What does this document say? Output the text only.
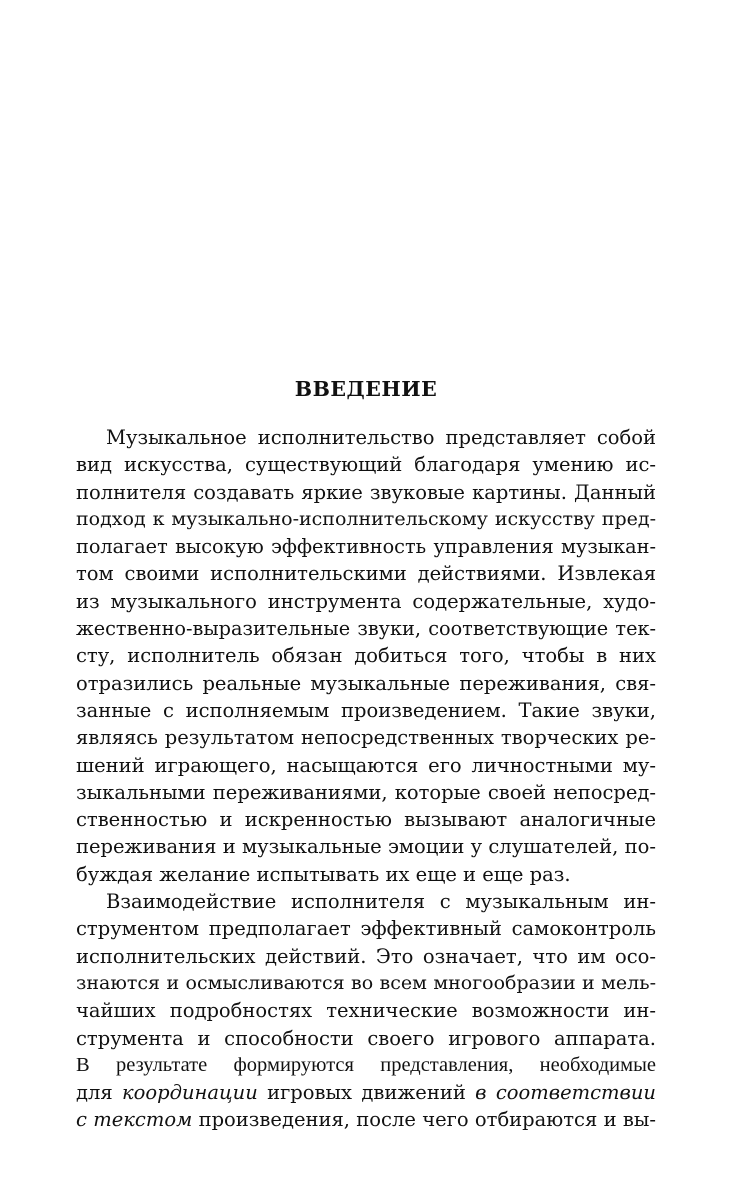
ВВЕДЕНИЕ
Музыкальное исполнительство представляет собой
вид искусства, существующий благодаря умению ис-
полнителя создавать яркие звуковые картины. Данный
подход к музыкально-исполнительскому искусству пред-
полагает высокую эффективность управления музыкан-
том своими исполнительскими действиями. Извлекая
из музыкального инструмента содержательные, худо-
жественно-выразительные звуки, соответствующие тек-
сту, исполнитель обязан добиться того, чтобы в них
отразились реальные музыкальные переживания, свя-
занные с исполняемым произведением. Такие звуки,
являясь результатом непосредственных творческих ре-
шений играющего, насыщаются его личностными му-
зыкальными переживаниями, которые своей непосред-
ственностью и искренностью вызывают аналогичные
переживания и музыкальные эмоции у слушателей, по-
буждая желание испытывать их еще и еще раз.
Взаимодействие исполнителя с музыкальным ин-
струментом предполагает эффективный самоконтроль
исполнительских действий. Это означает, что им осо-
знаются и осмысливаются во всем многообразии и мель-
чайших подробностях технические возможности ин-
струмента и способности своего игрового аппарата.
В результате формируются представления, необходимые
для координации игровых движений в соответствии
с текстом произведения, после чего отбираются и вы-
